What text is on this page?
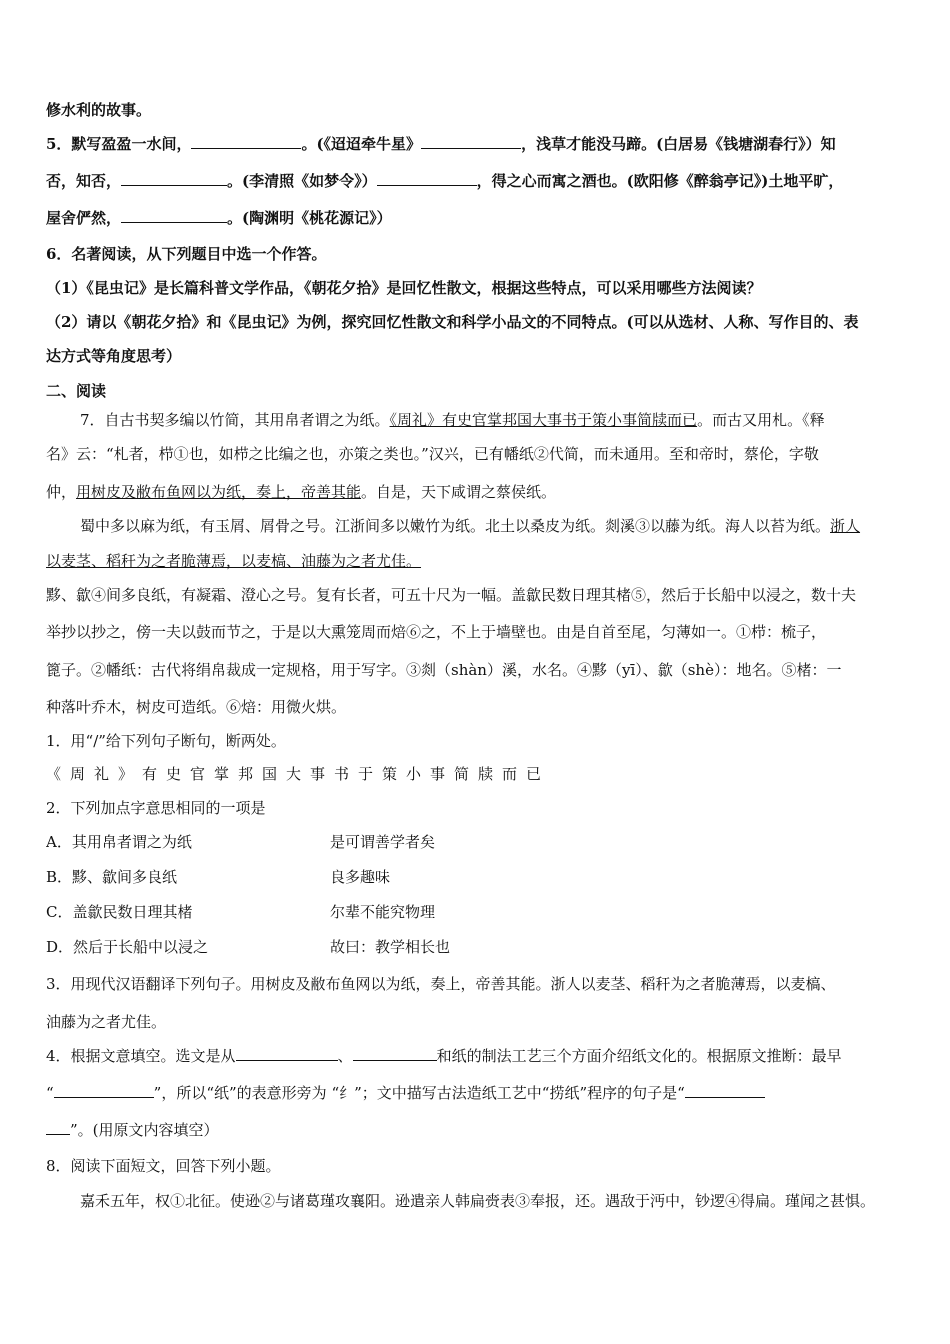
修水利的故事。
5．默写盈盈一水间，	。(《迢迢牵牛星》	，浅草才能没马蹄。(白居易《钱塘湖春行》）知
否，知否，	。(李清照《如梦令》）	，得之心而寓之酒也。(欧阳修《醉翁亭记》)土地平旷，
屋舍俨然，	。(陶渊明《桃花源记》）
6．名著阅读，从下列题目中选一个作答。
（1）《昆虫记》是长篇科普文学作品，《朝花夕拾》是回忆性散文，根据这些特点，可以采用哪些方法阅读？
（2）请以《朝花夕拾》和《昆虫记》为例，探究回忆性散文和科学小品文的不同特点。(可以从选材、人称、写作目的、表
达方式等角度思考）
二、阅读
7．自古书契多编以竹简，其用帛者谓之为纸。《周礼》有史官掌邦国大事书于策小事简牍而已。而古又用札。《释
名》云：“札者，栉①也，如栉之比编之也，亦策之类也。”汉兴，已有幡纸②代简，而未通用。至和帝时，蔡伦，字敬
仲，用树皮及敝布鱼网以为纸，奏上，帝善其能。自是，天下咸谓之蔡侯纸。
蜀中多以麻为纸，有玉屑、屑骨之号。江浙间多以嫩竹为纸。北土以桑皮为纸。剡溪③以藤为纸。海人以苔为纸。浙人
以麦茎、稻秆为之者脆薄焉，以麦槁、油藤为之者尤佳。
黟、歙④间多良纸，有凝霜、澄心之号。复有长者，可五十尺为一幅。盖歙民数日理其楮⑤，然后于长船中以浸之，数十夫
举抄以抄之，傍一夫以鼓而节之，于是以大熏笼周而焙⑥之，不上于墙壁也。由是自首至尾，匀薄如一。①栉：梳子，
篦子。②幡纸：古代将绢帛裁成一定规格，用于写字。③剡（shàn）溪，水名。④黟（yī）、歙（shè）：地名。⑤楮：一
种落叶乔木，树皮可造纸。⑥焙：用微火烘。
1．用“/”给下列句子断句，断两处。
《周礼》有史官掌邦国大事书于策小事简牍而已
2．下列加点字意思相同的一项是
A．其用帛者谓之为纸	是可谓善学者矣
B．黟、歙间多良纸	良多趣味
C．盖歙民数日理其楮	尔辈不能究物理
D．然后于长船中以浸之	故曰：教学相长也
3．用现代汉语翻译下列句子。用树皮及敝布鱼网以为纸，奏上，帝善其能。浙人以麦茎、稻秆为之者脆薄焉，以麦槁、
油藤为之者尤佳。
4．根据文意填空。选文是从	、	和纸的制法工艺三个方面介绍纸文化的。根据原文推断：最早
“	”，所以“纸”的表意形旁为 “纟”；文中描写古法造纸工艺中“捞纸”程序的句子是“
”。(用原文内容填空）
8．阅读下面短文，回答下列小题。
嘉禾五年，权①北征。使逊②与诸葛瑾攻襄阳。逊遣亲人韩扁赍表③奉报，还。遇敌于沔中，钞逻④得扁。瑾闻之甚惧。
